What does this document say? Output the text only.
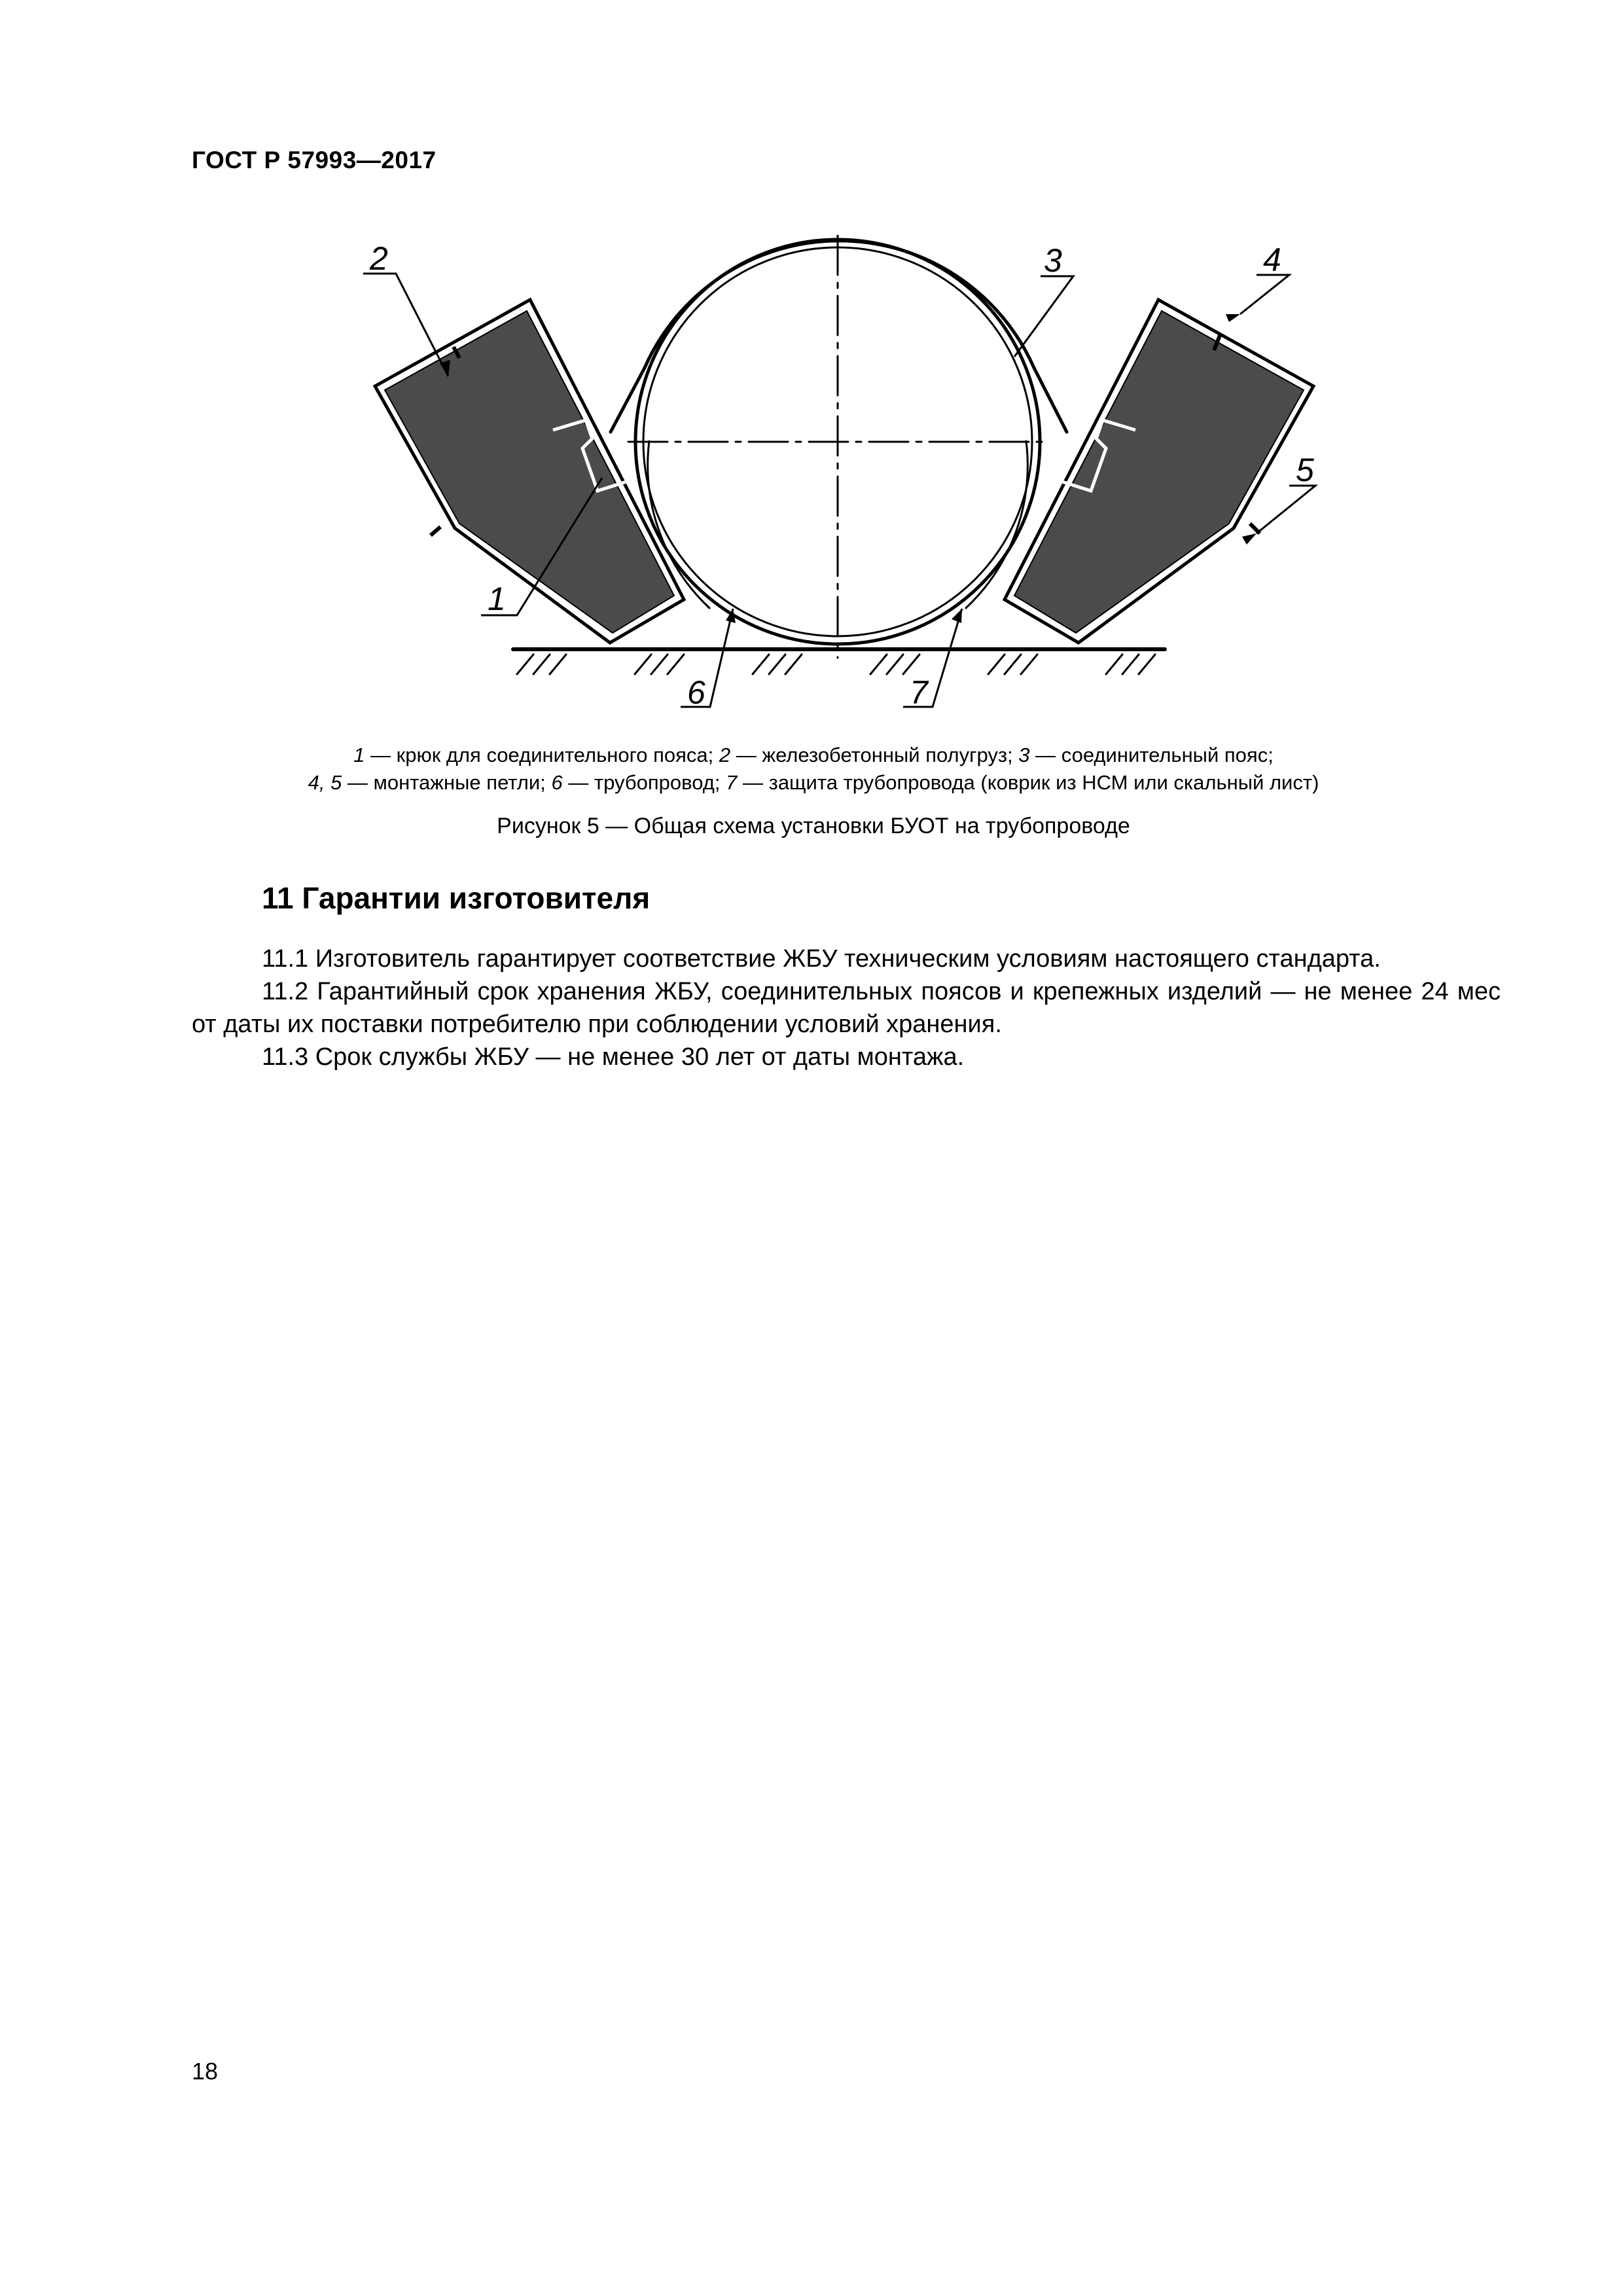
ГОСТ Р 57993—2017
2	3	4
5
1
6	7
1 — крюк для соединительного пояса; 2 — железобетонный полугруз; 3 — соединительный пояс;
4, 5 — монтажные петли; 6 — трубопровод; 7 — защита трубопровода (коврик из НСМ или скальный лист)
Рисунок 5 — Общая схема установки БУОТ на трубопроводе
11 Гарантии изготовителя
11.1 Изготовитель гарантирует соответствие ЖБУ техническим условиям настоящего стандарта.
11.2 Гарантийный срок хранения ЖБУ, соединительных поясов и крепежных изделий — не менее 24 мес от даты их поставки потребителю при соблюдении условий хранения.
11.3 Срок службы ЖБУ — не менее 30 лет от даты монтажа.
18
